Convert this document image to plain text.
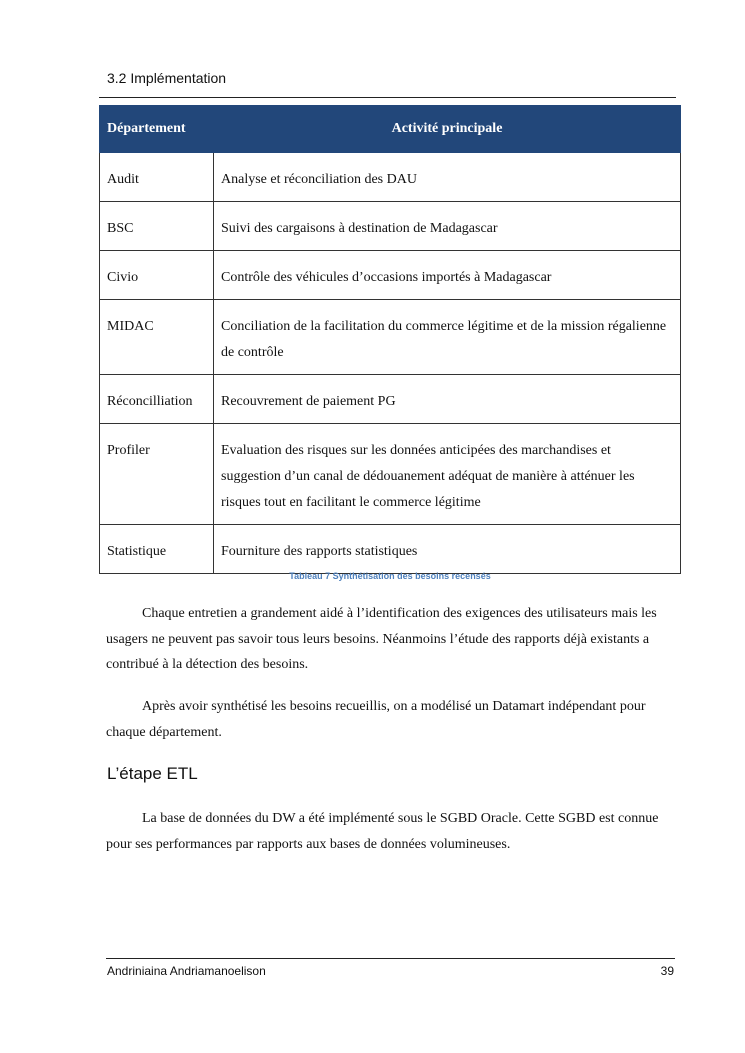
3.2 Implémentation
Département	Activité principale
Audit	Analyse et réconciliation des DAU
BSC	Suivi des cargaisons à destination de Madagascar
Civio	Contrôle des véhicules d’occasions importés à Madagascar
MIDAC	Conciliation de la facilitation du commerce légitime et de la mission régalienne de contrôle
Réconcilliation	Recouvrement de paiement PG
Profiler	Evaluation des risques sur les données anticipées des marchandises et suggestion d’un canal de dédouanement adéquat de manière à atténuer les risques tout en facilitant le commerce légitime
Statistique	Fourniture des rapports statistiques
Tableau 7 Synthétisation des besoins recensés

Chaque entretien a grandement aidé à l’identification des exigences des utilisateurs mais les usagers ne peuvent pas savoir tous leurs besoins. Néanmoins l’étude des rapports déjà existants a contribué à la détection des besoins.

Après avoir synthétisé les besoins recueillis, on a modélisé un Datamart indépendant pour chaque département.

L’étape ETL

La base de données du DW a été implémenté sous le SGBD Oracle. Cette SGBD est connue pour ses performances par rapports aux bases de données volumineuses.

Andriniaina Andriamanoelison	39
